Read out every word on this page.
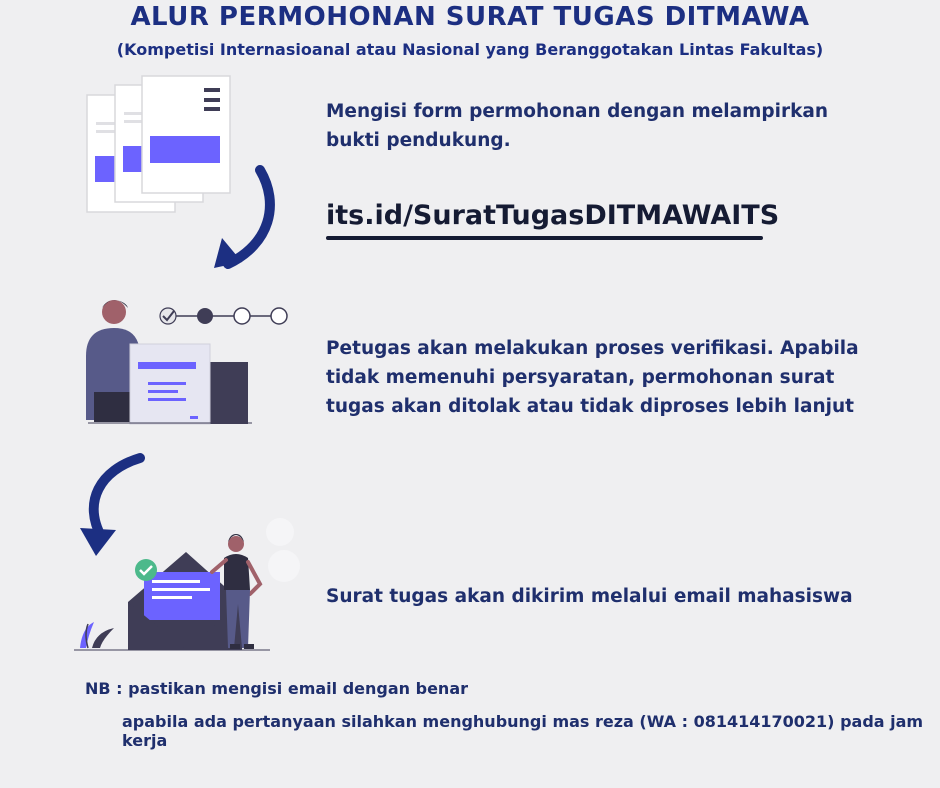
ALUR PERMOHONAN SURAT TUGAS DITMAWA
(Kompetisi Internasioanal atau Nasional yang Beranggotakan Lintas Fakultas)
Mengisi form permohonan dengan melampirkan bukti pendukung.
its.id/SuratTugasDITMAWAITS
Petugas akan melakukan proses verifikasi. Apabila tidak memenuhi persyaratan, permohonan surat tugas akan ditolak atau tidak diproses lebih lanjut
Surat tugas akan dikirim melalui email mahasiswa
NB : pastikan mengisi email dengan benar
apabila ada pertanyaan silahkan menghubungi mas reza (WA : 081414170021) pada jam kerja
